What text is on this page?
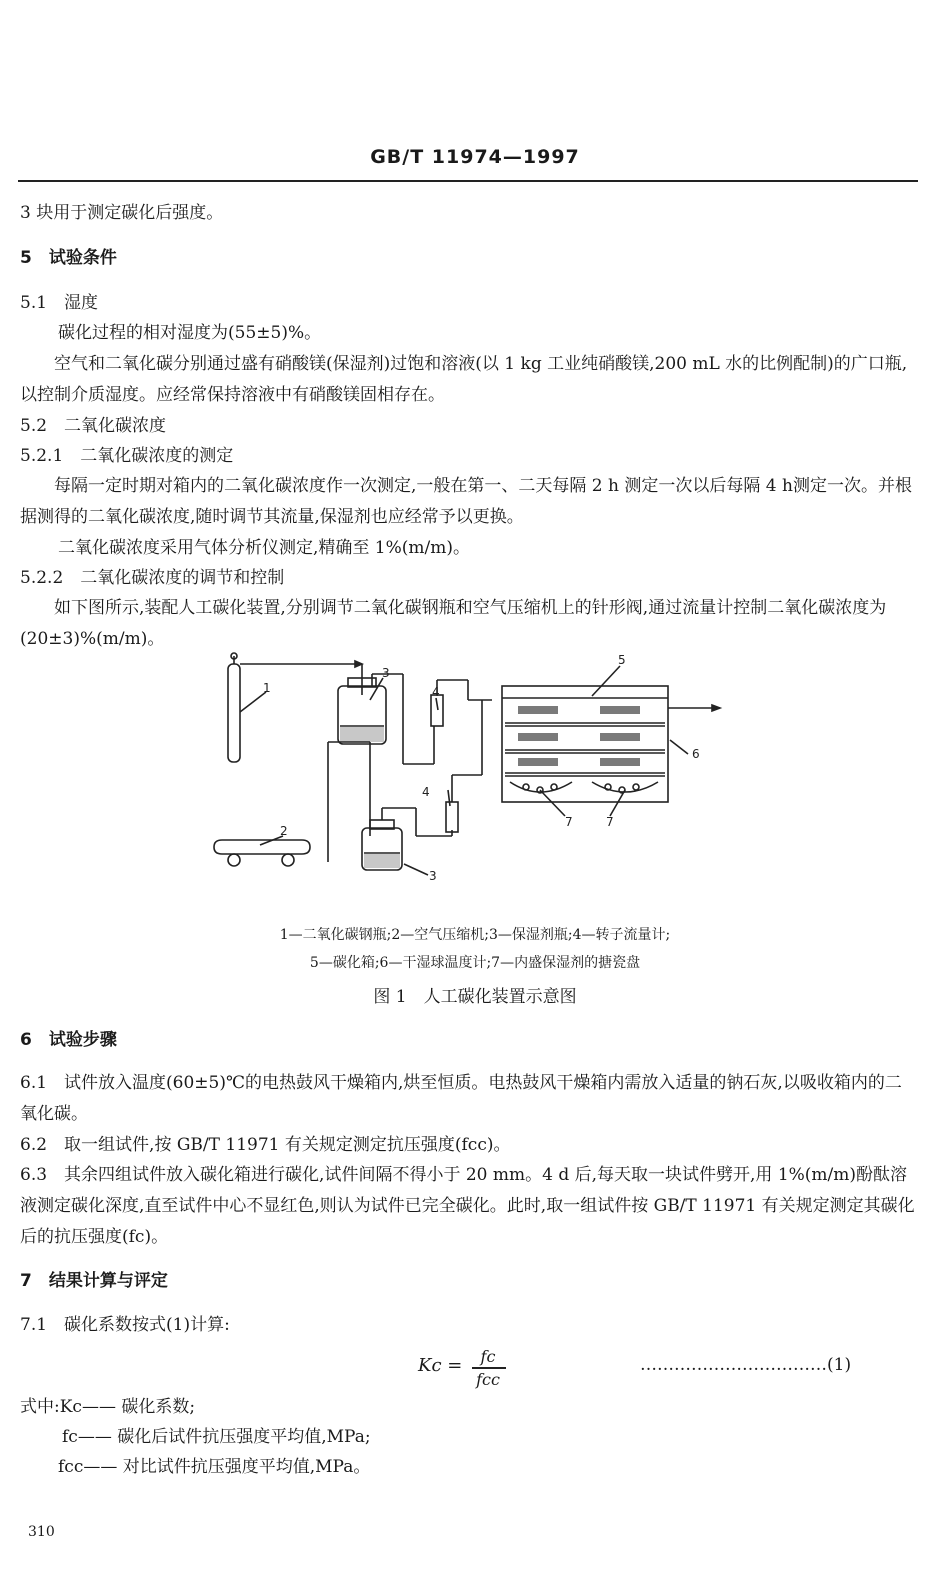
GB/T 11974—1997
3 块用于测定碳化后强度。
5　试验条件
5.1　湿度
碳化过程的相对湿度为(55±5)%。
空气和二氧化碳分别通过盛有硝酸镁(保湿剂)过饱和溶液(以 1 kg 工业纯硝酸镁,200 mL 水的比例配制)的广口瓶,以控制介质湿度。应经常保持溶液中有硝酸镁固相存在。
5.2　二氧化碳浓度
5.2.1　二氧化碳浓度的测定
每隔一定时期对箱内的二氧化碳浓度作一次测定,一般在第一、二天每隔 2 h 测定一次以后每隔 4 h测定一次。并根据测得的二氧化碳浓度,随时调节其流量,保湿剂也应经常予以更换。
二氧化碳浓度采用气体分析仪测定,精确至 1%(m/m)。
5.2.2　二氧化碳浓度的调节和控制
如下图所示,装配人工碳化装置,分别调节二氧化碳钢瓶和空气压缩机上的针形阀,通过流量计控制二氧化碳浓度为(20±3)%(m/m)。
1
2
3
3
4
4
5
6
7	7
1—二氧化碳钢瓶;2—空气压缩机;3—保湿剂瓶;4—转子流量计;
5—碳化箱;6—干湿球温度计;7—内盛保湿剂的搪瓷盘
图 1　人工碳化装置示意图
6　试验步骤
6.1　试件放入温度(60±5)℃的电热鼓风干燥箱内,烘至恒质。电热鼓风干燥箱内需放入适量的钠石灰,以吸收箱内的二氧化碳。
6.2　取一组试件,按 GB/T 11971 有关规定测定抗压强度(fcc)。
6.3　其余四组试件放入碳化箱进行碳化,试件间隔不得小于 20 mm。4 d 后,每天取一块试件劈开,用 1%(m/m)酚酞溶液测定碳化深度,直至试件中心不显红色,则认为试件已完全碳化。此时,取一组试件按 GB/T 11971 有关规定测定其碳化后的抗压强度(fc)。
7　结果计算与评定
7.1　碳化系数按式(1)计算:
Kc =	fc
fcc
……………………………(1)
式中:Kc—— 碳化系数;
fc—— 碳化后试件抗压强度平均值,MPa;
fcc—— 对比试件抗压强度平均值,MPa。
310
